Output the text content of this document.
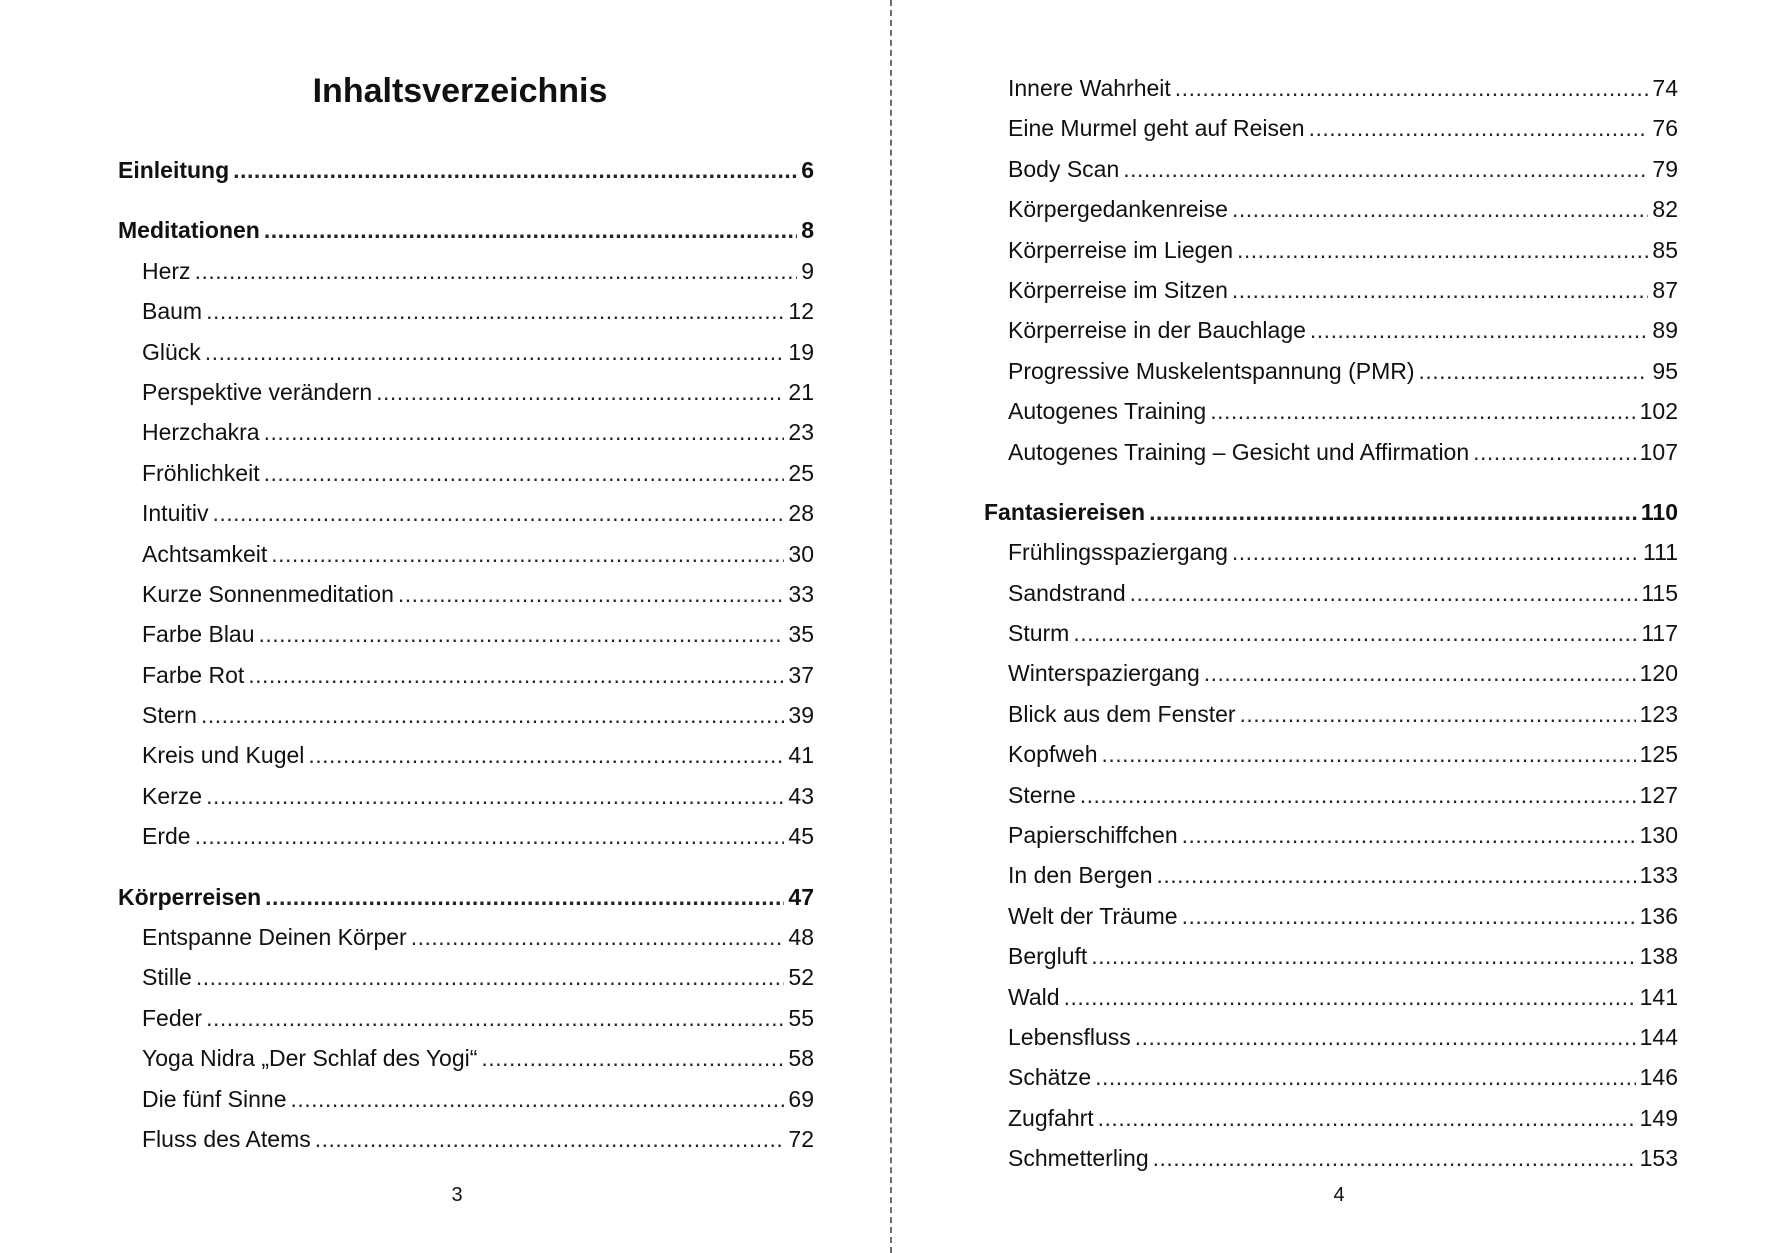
Inhaltsverzeichnis
Einleitung .....	6
Meditationen .....	8
Herz .....	9
Baum .....	12
Glück .....	19
Perspektive verändern .....	21
Herzchakra .....	23
Fröhlichkeit .....	25
Intuitiv .....	28
Achtsamkeit .....	30
Kurze Sonnenmeditation .....	33
Farbe Blau .....	35
Farbe Rot .....	37
Stern .....	39
Kreis und Kugel .....	41
Kerze .....	43
Erde .....	45
Körperreisen .....	47
Entspanne Deinen Körper .....	48
Stille .....	52
Feder .....	55
Yoga Nidra „Der Schlaf des Yogi“ .....	58
Die fünf Sinne .....	69
Fluss des Atems .....	72
3
Innere Wahrheit .....	74
Eine Murmel geht auf Reisen .....	76
Body Scan .....	79
Körpergedankenreise .....	82
Körperreise im Liegen .....	85
Körperreise im Sitzen .....	87
Körperreise in der Bauchlage .....	89
Progressive Muskelentspannung (PMR) .....	95
Autogenes Training .....	102
Autogenes Training – Gesicht und Affirmation .....	107
Fantasiereisen .....	110
Frühlingsspaziergang .....	111
Sandstrand .....	115
Sturm .....	117
Winterspaziergang .....	120
Blick aus dem Fenster .....	123
Kopfweh .....	125
Sterne .....	127
Papierschiffchen .....	130
In den Bergen .....	133
Welt der Träume .....	136
Bergluft .....	138
Wald .....	141
Lebensfluss .....	144
Schätze .....	146
Zugfahrt .....	149
Schmetterling .....	153
4
